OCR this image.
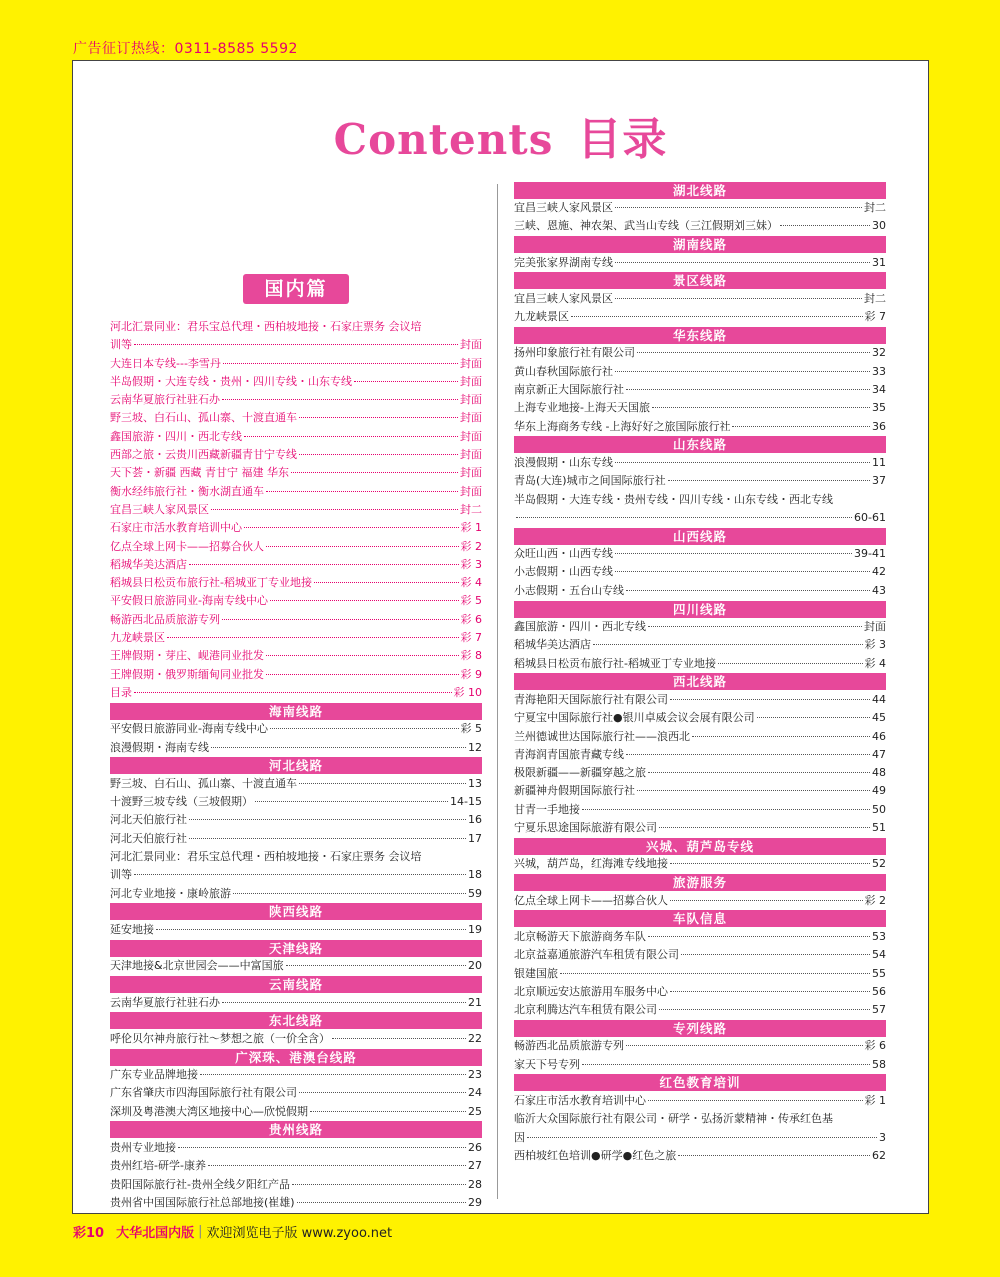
广告征订热线：0311-8585 5592
Contents 目录
国内篇
河北汇景同业：君乐宝总代理・西柏坡地接・石家庄票务 会议培
训等	封面
大连日本专线---李雪丹	封面
半岛假期・大连专线・贵州・四川专线・山东专线	封面
云南华夏旅行社驻石办	封面
野三坡、白石山、孤山寨、十渡直通车	封面
鑫国旅游・四川・西北专线	封面
西部之旅・云贵川西藏新疆青甘宁专线	封面
天下荟・新疆 西藏 青甘宁 福建 华东	封面
衡水经纬旅行社・衡水湖直通车	封面
宜昌三峡人家风景区	封二
石家庄市活水教育培训中心	彩 1
亿点全球上网卡——招募合伙人	彩 2
稻城华美达酒店	彩 3
稻城县日松贡布旅行社-稻城亚丁专业地接	彩 4
平安假日旅游同业-海南专线中心	彩 5
畅游西北品质旅游专列	彩 6
九龙峡景区	彩 7
王牌假期・芽庄、岘港同业批发	彩 8
王牌假期・俄罗斯缅甸同业批发	彩 9
目录	彩 10
海南线路
平安假日旅游同业-海南专线中心	彩 5
浪漫假期・海南专线	12
河北线路
野三坡、白石山、孤山寨、十渡直通车	13
十渡野三坡专线（三坡假期）	14-15
河北天伯旅行社	16
河北天伯旅行社	17
河北汇景同业：君乐宝总代理・西柏坡地接・石家庄票务 会议培
训等	18
河北专业地接・康岭旅游	59
陕西线路
延安地接	19
天津线路
天津地接&北京世园会——中富国旅	20
云南线路
云南华夏旅行社驻石办	21
东北线路
呼伦贝尔神舟旅行社～梦想之旅（一价全含）	22
广深珠、港澳台线路
广东专业品牌地接	23
广东省肇庆市四海国际旅行社有限公司	24
深圳及粤港澳大湾区地接中心—欣悦假期	25
贵州线路
贵州专业地接	26
贵州红培-研学-康养	27
贵阳国际旅行社-贵州全线夕阳红产品	28
贵州省中国国际旅行社总部地接(崔雄)	29
湖北线路
宜昌三峡人家风景区	封二
三峡、恩施、神农架、武当山专线（三江假期刘三妹）	30
湖南线路
完美张家界湖南专线	31
景区线路
宜昌三峡人家风景区	封二
九龙峡景区	彩 7
华东线路
扬州印象旅行社有限公司	32
黄山春秋国际旅行社	33
南京新正大国际旅行社	34
上海专业地接-上海天天国旅	35
华东上海商务专线 -上海好好之旅国际旅行社	36
山东线路
浪漫假期・山东专线	11
青岛(大连)城市之间国际旅行社	37
半岛假期・大连专线・贵州专线・四川专线・山东专线・西北专线
60-61
山西线路
众旺山西・山西专线	39-41
小志假期・山西专线	42
小志假期・五台山专线	43
四川线路
鑫国旅游・四川・西北专线	封面
稻城华美达酒店	彩 3
稻城县日松贡布旅行社-稻城亚丁专业地接	彩 4
西北线路
青海艳阳天国际旅行社有限公司	44
宁夏宝中国际旅行社●银川卓威会议会展有限公司	45
兰州德诚世达国际旅行社——浪西北	46
青海润青国旅青藏专线	47
极限新疆——新疆穿越之旅	48
新疆神舟假期国际旅行社	49
甘青一手地接	50
宁夏乐思途国际旅游有限公司	51
兴城、葫芦岛专线
兴城，葫芦岛，红海滩专线地接	52
旅游服务
亿点全球上网卡——招募合伙人	彩 2
车队信息
北京畅游天下旅游商务车队	53
北京益嘉通旅游汽车租赁有限公司	54
银建国旅	55
北京顺远安达旅游用车服务中心	56
北京利腾达汽车租赁有限公司	57
专列线路
畅游西北品质旅游专列	彩 6
家天下号专列	58
红色教育培训
石家庄市活水教育培训中心	彩 1
临沂大众国际旅行社有限公司・研学・弘扬沂蒙精神・传承红色基
因	3
西柏坡红色培训●研学●红色之旅	62
彩10 大华北国内版 | 欢迎浏览电子版 www.zyoo.net
